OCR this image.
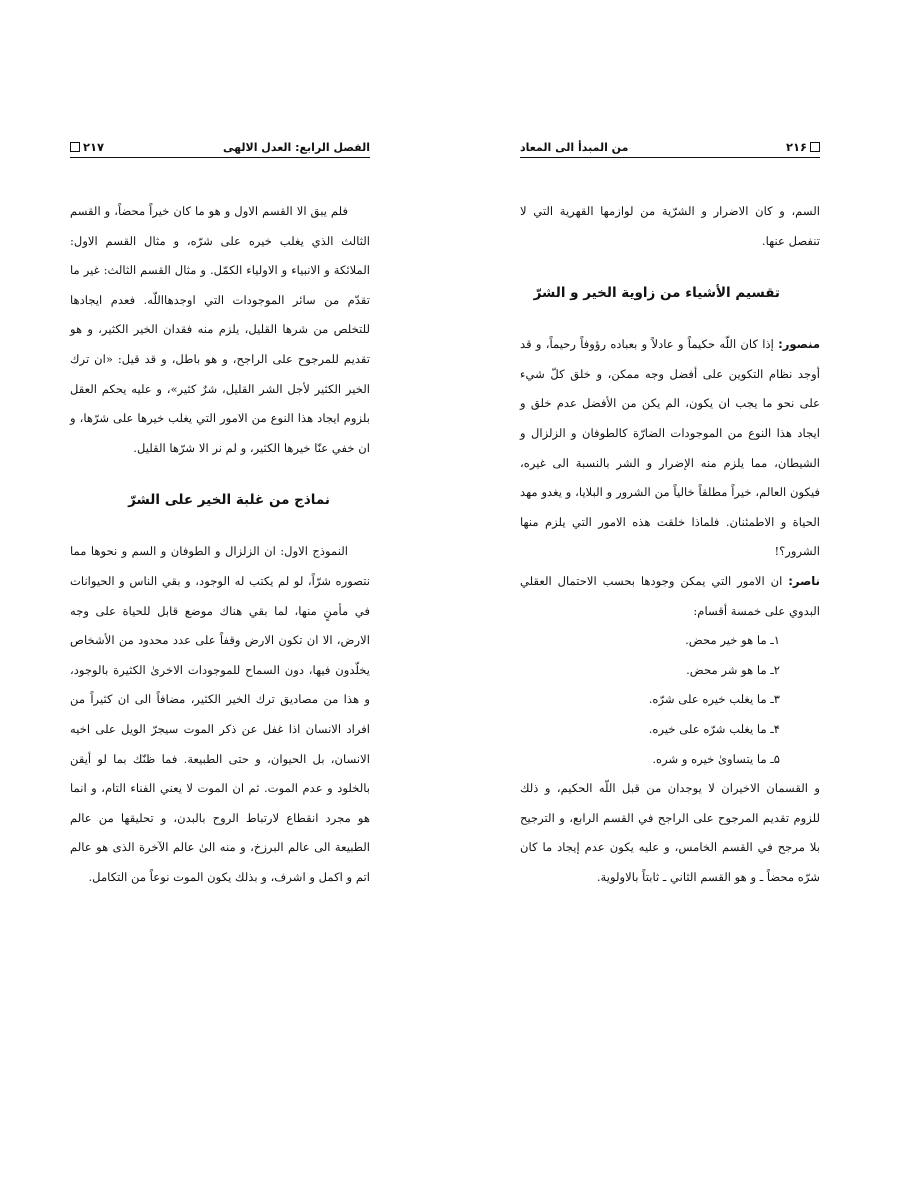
۲۱۷	الفصل الرابع: العدل الالهى

فلم يبق الا القسم الاول و هو ما كان خيراً محضاً، و القسم الثالث الذي يغلب خيره على شرّه، و مثال القسم الاول: الملائكة و الانبياء و الاولياء الكمّل. و مثال القسم الثالث: غير ما تقدّم من سائر الموجودات التي اوجدهااللّه. فعدم ايجادها للتخلص من شرها القليل، يلزم منه فقدان الخير الكثير، و هو تقديم للمرجوح على الراجح، و هو باطل، و قد قيل: «ان ترك الخير الكثير لأجل الشر القليل، شرٌ كثير»، و عليه يحكم العقل بلزوم ايجاد هذا النوع من الامور التي يغلب خيرها على شرّها، و ان خفي عنّا خيرها الكثير، و لم نر الا شرّها القليل.

نماذج من غلبة الخير على الشرّ

النموذج الاول: ان الزلزال و الطوفان و السم و نحوها مما نتصوره شرّاً، لو لم يكتب له الوجود، و بقي الناس و الحيوانات في مأمنٍ منها، لما بقي هناك موضع قابل للحياة على وجه الارض، الا ان تكون الارض وقفاً على عدد محدود من الأشخاص يخلّدون فيها، دون السماح للموجودات الاخرىٰ الكثيرة بالوجود، و هذا من مصاديق ترك الخير الكثير، مضافاً الى ان كثيراً من افراد الانسان اذا غفل عن ذكر الموت سيجرّ الويل على اخيه الانسان، بل الحيوان، و حتى الطبيعة. فما ظنّك بما لو أيقن بالخلود و عدم الموت. ثم ان الموت لا يعني الفناء التام، و انما هو مجرد انقطاع لارتباط الروح بالبدن، و تحليقها من عالم الطبيعة الى عالم البرزخ، و منه الىٰ عالم الآخرة الذى هو عالم اتم و اكمل و اشرف، و بذلك يكون الموت نوعاً من التكامل.

من المبدأ الى المعاد	۲۱۶

السم، و كان الاضرار و الشرّية من لوازمها القهرية التي لا تنفصل عنها.

تقسيم الأشياء من زاوية الخير و الشرّ

منصور: إذا كان اللّه حكيماً و عادلاً و بعباده رؤوفاً رحيماً، و قد أوجد نظام التكوين على أفضل وجه ممكن، و خلق كلّ شيء على نحو ما يجب ان يكون، الم يكن من الأفضل عدم خلق و ايجاد هذا النوع من الموجودات الضارّة كالطوفان و الزلزال و الشيطان، مما يلزم منه الإضرار و الشر بالنسبة الى غيره، فيكون العالم، خيراً مطلقاً خالياً من الشرور و البلايا، و يغدو مهد الحياة و الاطمئنان. فلماذا خلقت هذه الامور التي يلزم منها الشرور؟!

ناصر: ان الامور التي يمكن وجودها بحسب الاحتمال العقلي البدوي على خمسة أقسام:

۱ـ ما هو خير محض.

۲ـ ما هو شر محض.

۳ـ ما يغلب خيره على شرّه.

۴ـ ما يغلب شرّه على خيره.

۵ـ ما يتساوىٰ خيره و شره.

و القسمان الاخيران لا يوجدان من قبل اللّه الحكيم، و ذلك للزوم تقديم المرجوح على الراجح في القسم الرابع، و الترجيح بلا مرجح في القسم الخامس، و عليه يكون عدم إيجاد ما كان شرّه محضاً ـ و هو القسم الثاني ـ ثابتاً بالاولوية.
